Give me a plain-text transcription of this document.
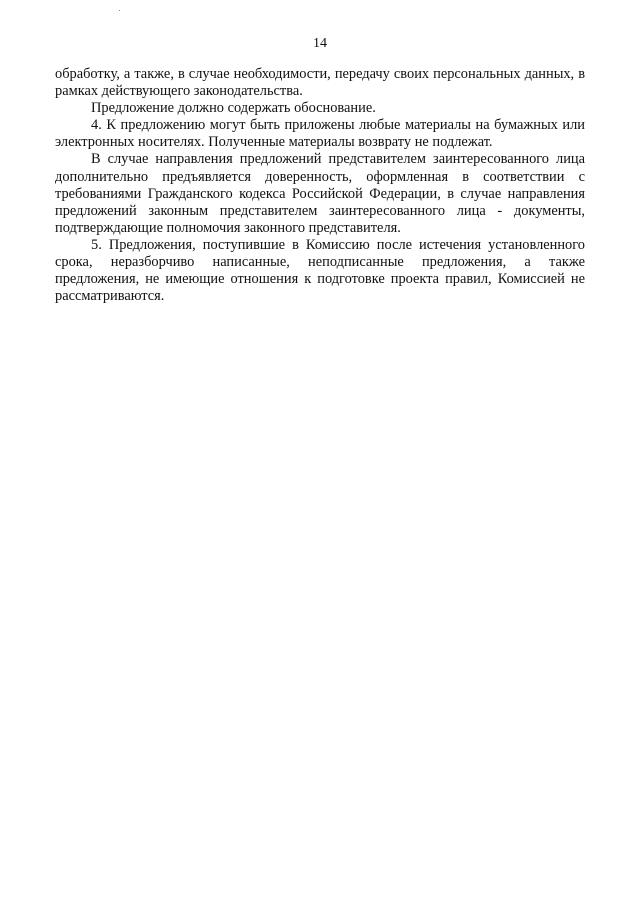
14

обработку, а также, в случае необходимости, передачу своих персональных данных, в рамках действующего законодательства.

Предложение должно содержать обоснование.

4. К предложению могут быть приложены любые материалы на бумажных или электронных носителях. Полученные материалы возврату не подлежат.

В случае направления предложений представителем заинтересованного лица дополнительно предъявляется доверенность, оформленная в соответствии с требованиями Гражданского кодекса Российской Федерации, в случае направления предложений законным представителем заинтересованного лица - документы, подтверждающие полномочия законного представителя.

5. Предложения, поступившие в Комиссию после истечения установленного срока, неразборчиво написанные, неподписанные предложения, а также предложения, не имеющие отношения к подготовке проекта правил, Комиссией не рассматриваются.
